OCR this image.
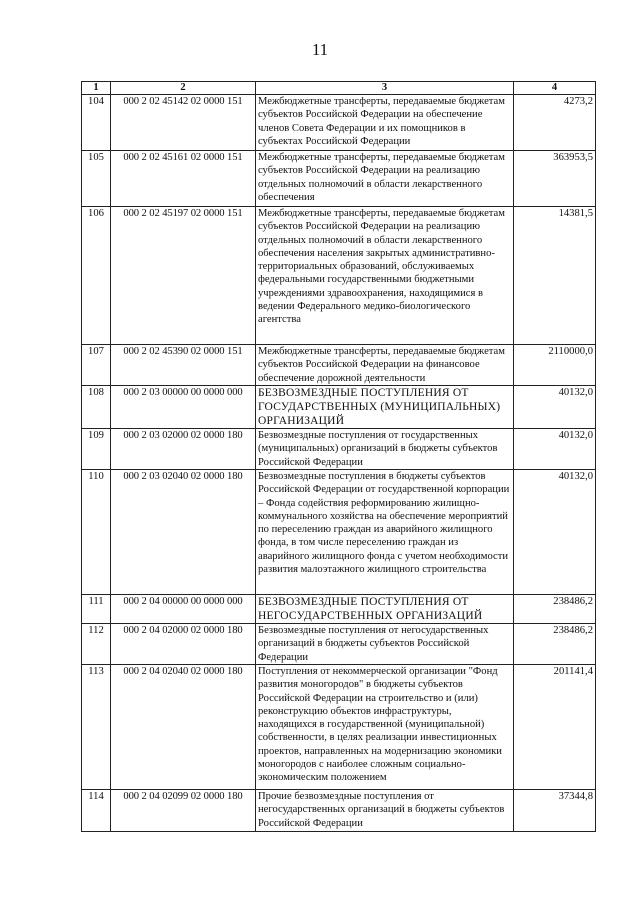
11
1	2	3	4
104	000 2 02 45142 02 0000 151	Межбюджетные трансферты, передаваемые бюджетам субъектов Российской Федерации на обеспечение членов Совета Федерации и их помощников в субъектах Российской Федерации	4273,2
105	000 2 02 45161 02 0000 151	Межбюджетные трансферты, передаваемые бюджетам субъектов Российской Федерации на реализацию отдельных полномочий в области лекарственного обеспечения	363953,5
106	000 2 02 45197 02 0000 151	Межбюджетные трансферты, передаваемые бюджетам субъектов Российской Федерации на реализацию отдельных полномочий в области лекарственного обеспечения населения закрытых административно-территориальных образований, обслуживаемых федеральными государственными бюджетными учреждениями здравоохранения, находящимися в ведении Федерального медико-биологического агентства	14381,5
107	000 2 02 45390 02 0000 151	Межбюджетные трансферты, передаваемые бюджетам субъектов Российской Федерации на финансовое обеспечение дорожной деятельности	2110000,0
108	000 2 03 00000 00 0000 000	БЕЗВОЗМЕЗДНЫЕ ПОСТУПЛЕНИЯ ОТ ГОСУДАРСТВЕННЫХ (МУНИЦИПАЛЬНЫХ) ОРГАНИЗАЦИЙ	40132,0
109	000 2 03 02000 02 0000 180	Безвозмездные поступления от государственных (муниципальных) организаций в бюджеты субъектов Российской Федерации	40132,0
110	000 2 03 02040 02 0000 180	Безвозмездные поступления в бюджеты субъектов Российской Федерации от государственной корпорации – Фонда содействия реформированию жилищно-коммунального хозяйства на обеспечение мероприятий по переселению граждан из аварийного жилищного фонда, в том числе переселению граждан из аварийного жилищного фонда с учетом необходимости развития малоэтажного жилищного строительства	40132,0
111	000 2 04 00000 00 0000 000	БЕЗВОЗМЕЗДНЫЕ ПОСТУПЛЕНИЯ ОТ НЕГОСУДАРСТВЕННЫХ ОРГАНИЗАЦИЙ	238486,2
112	000 2 04 02000 02 0000 180	Безвозмездные поступления от негосударственных организаций в бюджеты субъектов Российской Федерации	238486,2
113	000 2 04 02040 02 0000 180	Поступления от некоммерческой организации "Фонд развития моногородов" в бюджеты субъектов Российской Федерации на строительство и (или) реконструкцию объектов инфраструктуры, находящихся в государственной (муниципальной) собственности, в целях реализации инвестиционных проектов, направленных на модернизацию экономики моногородов с наиболее сложным социально-экономическим положением	201141,4
114	000 2 04 02099 02 0000 180	Прочие безвозмездные поступления от негосударственных организаций в бюджеты субъектов Российской Федерации	37344,8
